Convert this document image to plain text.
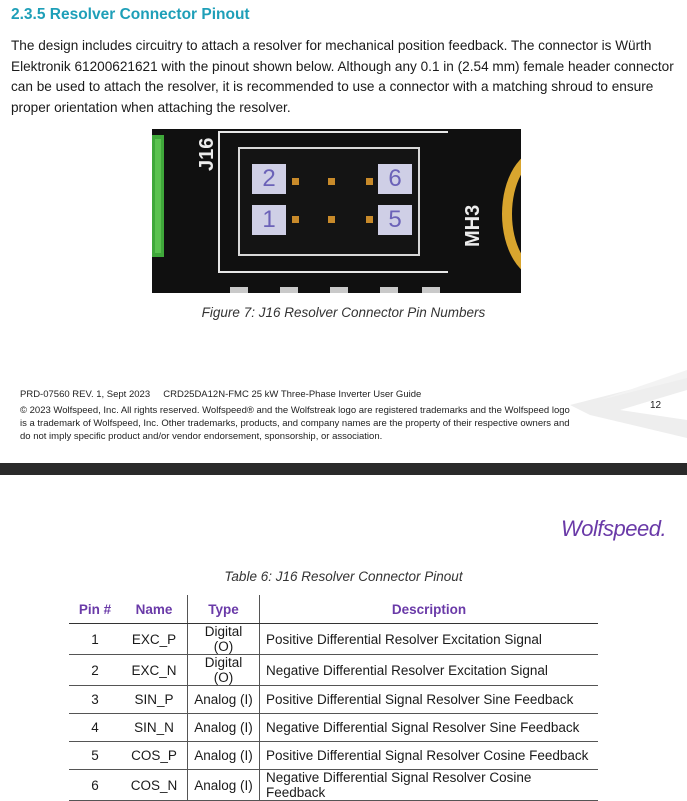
2.3.5 Resolver Connector Pinout

The design includes circuitry to attach a resolver for mechanical position feedback. The connector is Würth Elektronik 61200621621 with the pinout shown below. Although any 0.1 in (2.54 mm) female header connector can be used to attach the resolver, it is recommended to use a connector with a matching shroud to ensure proper orientation when attaching the resolver.

J16
2	6
1	5	MH3
Figure 7: J16 Resolver Connector Pin Numbers
PRD-07560 REV. 1, Sept 2023     CRD25DA12N-FMC 25 kW Three-Phase Inverter User Guide
© 2023 Wolfspeed, Inc. All rights reserved. Wolfspeed® and the Wolfstreak logo are registered trademarks and the Wolfspeed logo is a trademark of Wolfspeed, Inc. Other trademarks, products, and company names are the property of their respective owners and do not imply specific product and/or vendor endorsement, sponsorship, or association.
12
Wolfspeed.
Table 6: J16 Resolver Connector Pinout
Pin #	Name	Type	Description
1	EXC_P	Digital (O)	Positive Differential Resolver Excitation Signal
2	EXC_N	Digital (O)	Negative Differential Resolver Excitation Signal
3	SIN_P	Analog (I)	Positive Differential Signal Resolver Sine Feedback
4	SIN_N	Analog (I)	Negative Differential Signal Resolver Sine Feedback
5	COS_P	Analog (I)	Positive Differential Signal Resolver Cosine Feedback
6	COS_N	Analog (I)	Negative Differential Signal Resolver Cosine Feedback
